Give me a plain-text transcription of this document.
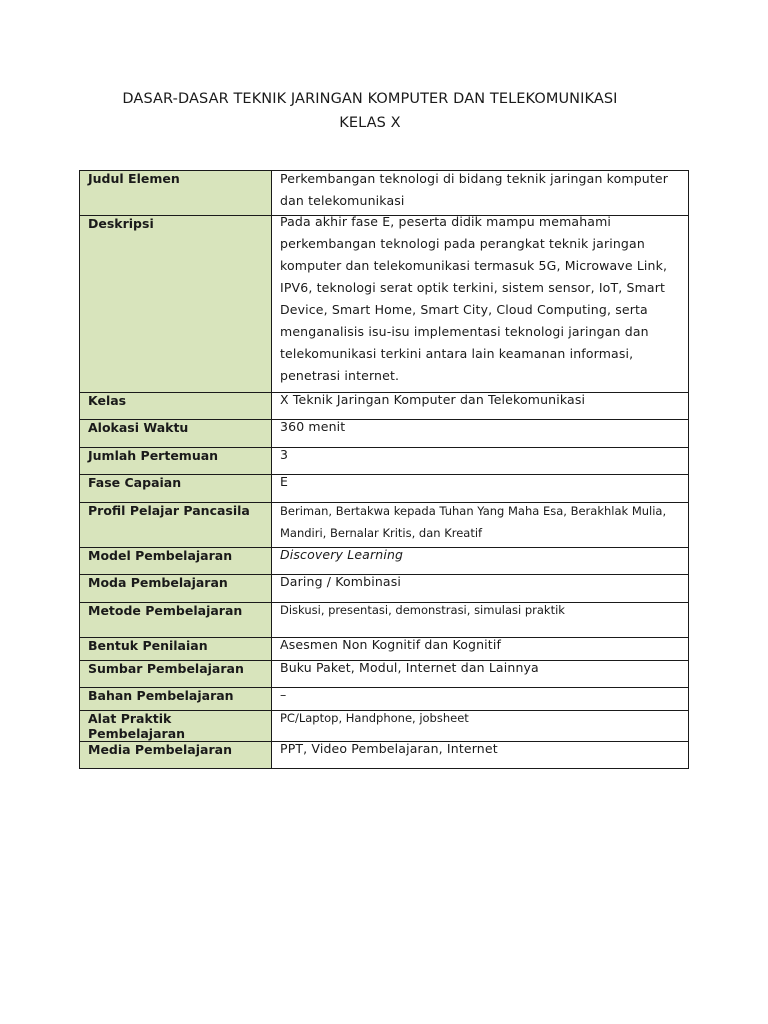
DASAR-DASAR TEKNIK JARINGAN KOMPUTER DAN TELEKOMUNIKASI
KELAS X
Judul Elemen	Perkembangan teknologi di bidang teknik jaringan komputer dan telekomunikasi

Deskripsi	Pada akhir fase E, peserta didik mampu memahami perkembangan teknologi pada perangkat teknik jaringan komputer dan telekomunikasi termasuk 5G, Microwave Link, IPV6, teknologi serat optik terkini, sistem sensor, IoT, Smart Device, Smart Home, Smart City, Cloud Computing, serta menganalisis isu-isu implementasi teknologi jaringan dan telekomunikasi terkini antara lain keamanan informasi, penetrasi internet.

Kelas	X Teknik Jaringan Komputer dan Telekomunikasi

Alokasi Waktu	360 menit

Jumlah Pertemuan	3

Fase Capaian	E

Profil Pelajar Pancasila	Beriman, Bertakwa kepada Tuhan Yang Maha Esa, Berakhlak Mulia, Mandiri, Bernalar Kritis, dan Kreatif

Model Pembelajaran	Discovery Learning

Moda Pembelajaran	Daring / Kombinasi

Metode Pembelajaran	Diskusi, presentasi, demonstrasi, simulasi praktik

Bentuk Penilaian	Asesmen Non Kognitif dan Kognitif

Sumbar Pembelajaran	Buku Paket, Modul, Internet dan Lainnya

Bahan Pembelajaran	–

Alat Praktik Pembelajaran	PC/Laptop, Handphone, jobsheet

Media Pembelajaran	PPT, Video Pembelajaran, Internet
